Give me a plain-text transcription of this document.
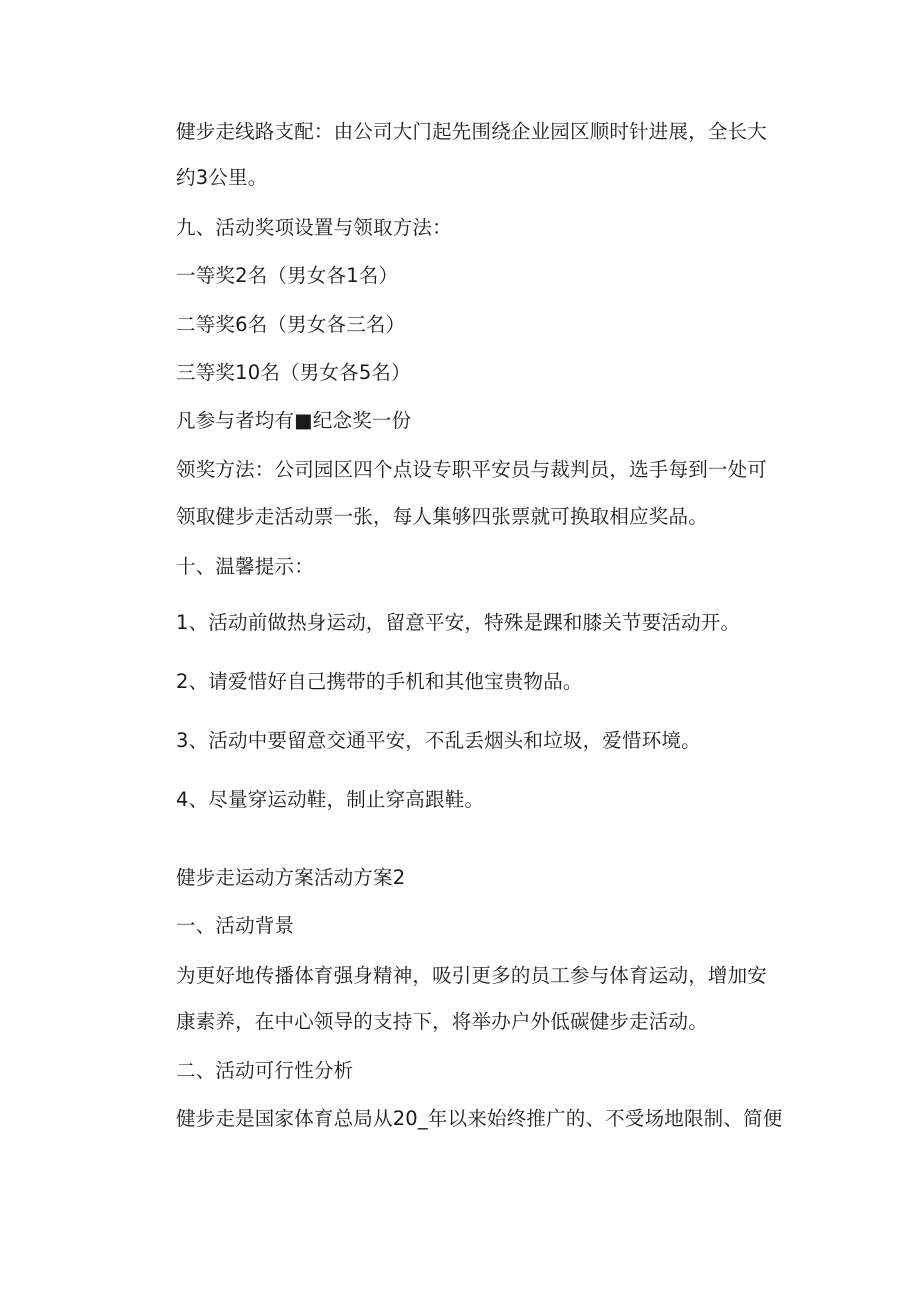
健步走线路支配：由公司大门起先围绕企业园区顺时针进展，全长大

约3公里。

九、活动奖项设置与领取方法：

一等奖2名（男女各1名）

二等奖6名（男女各三名）

三等奖10名（男女各5名）

凡参与者均有■纪念奖一份

领奖方法：公司园区四个点设专职平安员与裁判员，选手每到一处可

领取健步走活动票一张，每人集够四张票就可换取相应奖品。

十、温馨提示：

1、活动前做热身运动，留意平安，特殊是踝和膝关节要活动开。

2、请爱惜好自己携带的手机和其他宝贵物品。

3、活动中要留意交通平安，不乱丢烟头和垃圾，爱惜环境。

4、尽量穿运动鞋，制止穿高跟鞋。

健步走运动方案活动方案2

一、活动背景

为更好地传播体育强身精神，吸引更多的员工参与体育运动，增加安

康素养，在中心领导的支持下，将举办户外低碳健步走活动。

二、活动可行性分析

健步走是国家体育总局从20_年以来始终推广的、不受场地限制、简便
